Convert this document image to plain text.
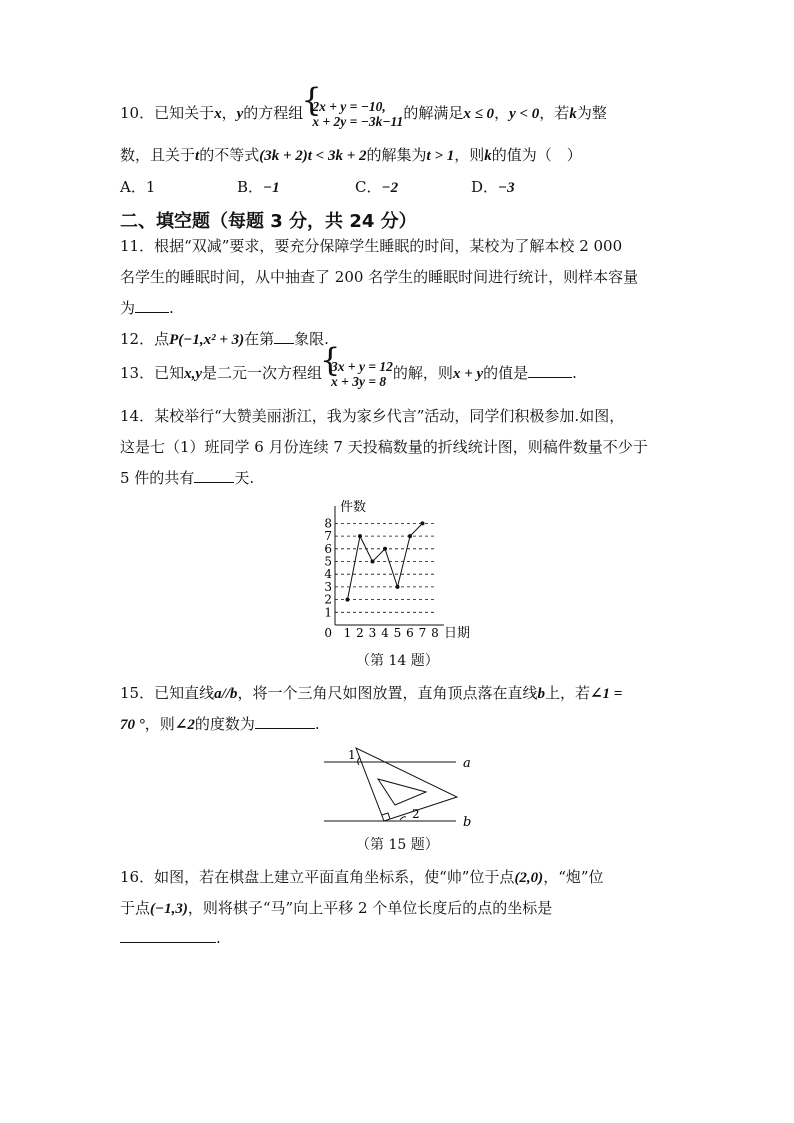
10．已知关于x，y的方程组 { 2x + y = −10,
x + 2y = −3k−11 的解满足x ≤ 0，y < 0，若k为整
数，且关于t的不等式(3k + 2)t < 3k + 2的解集为t > 1，则k的值为（　）
A．1	B．−1	C．−2	D．−3
二、填空题（每题 3 分，共 24 分）
11．根据“双减”要求，要充分保障学生睡眠的时间，某校为了解本校 2 000
名学生的睡眠时间，从中抽查了 200 名学生的睡眠时间进行统计，则样本容量
为 .
12．点P(−1,x² + 3)在第 象限.
13．已知x,y是二元一次方程组 { 3x + y = 12
x + 3y = 8 的解，则x + y的值是	.
14．某校举行“大赞美丽浙江，我为家乡代言”活动，同学们积极参加.如图，
这是七（1）班同学 6 月份连续 7 天投稿数量的折线统计图，则稿件数量不少于
5 件的共有	天.
件数
日期
1
2
3
4
5
6
7
8
0 1 2 3 4 5 6 7 8
（第 14 题）
15．已知直线a//b，将一个三角尺如图放置，直角顶点落在直线b上，若∠1 =
70 °，则∠2的度数为	.
a
b
1
2
（第 15 题）
16．如图，若在棋盘上建立平面直角坐标系，使“帅”位于点(2,0)，“炮”位
于点(−1,3)，则将棋子“马”向上平移 2 个单位长度后的点的坐标是
.
